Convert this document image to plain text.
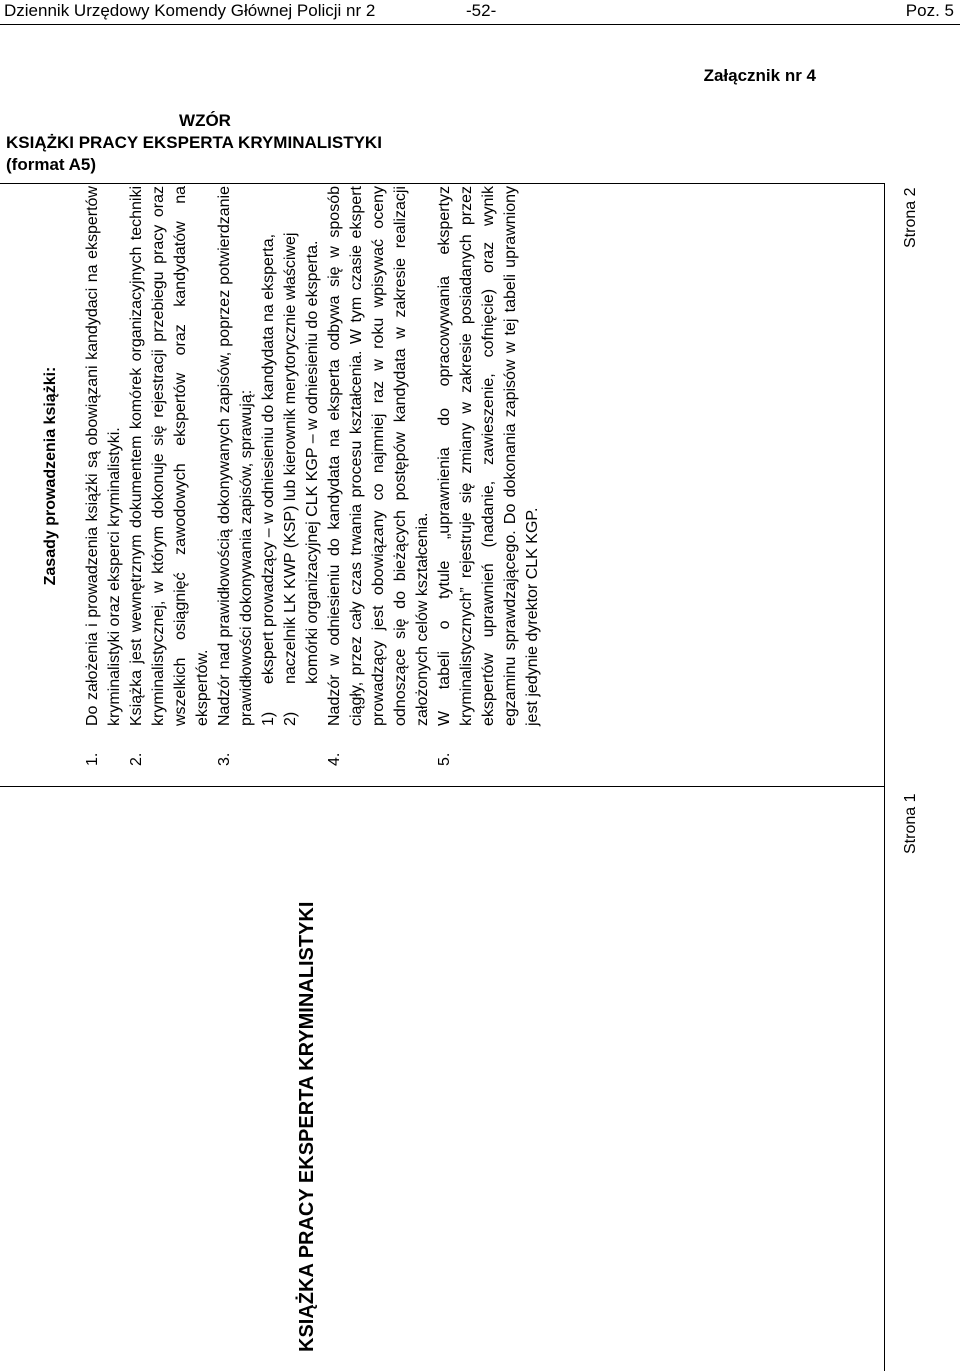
Dziennik Urzędowy Komendy Głównej Policji nr 2	-52-	Poz. 5
Załącznik nr 4
WZÓR
KSIĄŻKI PRACY EKSPERTA KRYMINALISTYKI
(format A5)
Zasady prowadzenia książki:
1.
Do założenia i prowadzenia książki są obowiązani kandydaci na ekspertów kryminalistyki oraz eksperci kryminalistyki.
2.
Książka jest wewnętrznym dokumentem komórek organizacyjnych techniki kryminalistycznej, w którym dokonuje się rejestracji przebiegu pracy oraz wszelkich osiągnięć zawodowych ekspertów oraz kandydatów na ekspertów.
3.
Nadzór nad prawidłowością dokonywanych zapisów, poprzez potwierdzanie prawidłowości dokonywania zapisów, sprawują: 1)
ekspert prowadzący – w odniesieniu do kandydata na eksperta,
2)
naczelnik LK KWP (KSP) lub kierownik merytorycznie właściwej komórki organizacyjnej CLK KGP – w odniesieniu do eksperta.
4.
Nadzór w odniesieniu do kandydata na eksperta odbywa się w sposób ciągły, przez cały czas trwania procesu kształcenia. W tym czasie ekspert prowadzący jest obowiązany co najmniej raz w roku wpisywać oceny odnoszące się do bieżących postępów kandydata w zakresie realizacji założonych celów kształcenia.
5.
W tabeli o tytule „uprawnienia do opracowywania ekspertyz kryminalistycznych” rejestruje się zmiany w zakresie posiadanych przez ekspertów uprawnień (nadanie, zawieszenie, cofnięcie) oraz wynik egzaminu sprawdzającego. Do dokonania zapisów w tej tabeli uprawniony jest jedynie dyrektor CLK KGP.
KSIĄŻKA PRACY EKSPERTA KRYMINALISTYKI
Strona 1
Strona 2
